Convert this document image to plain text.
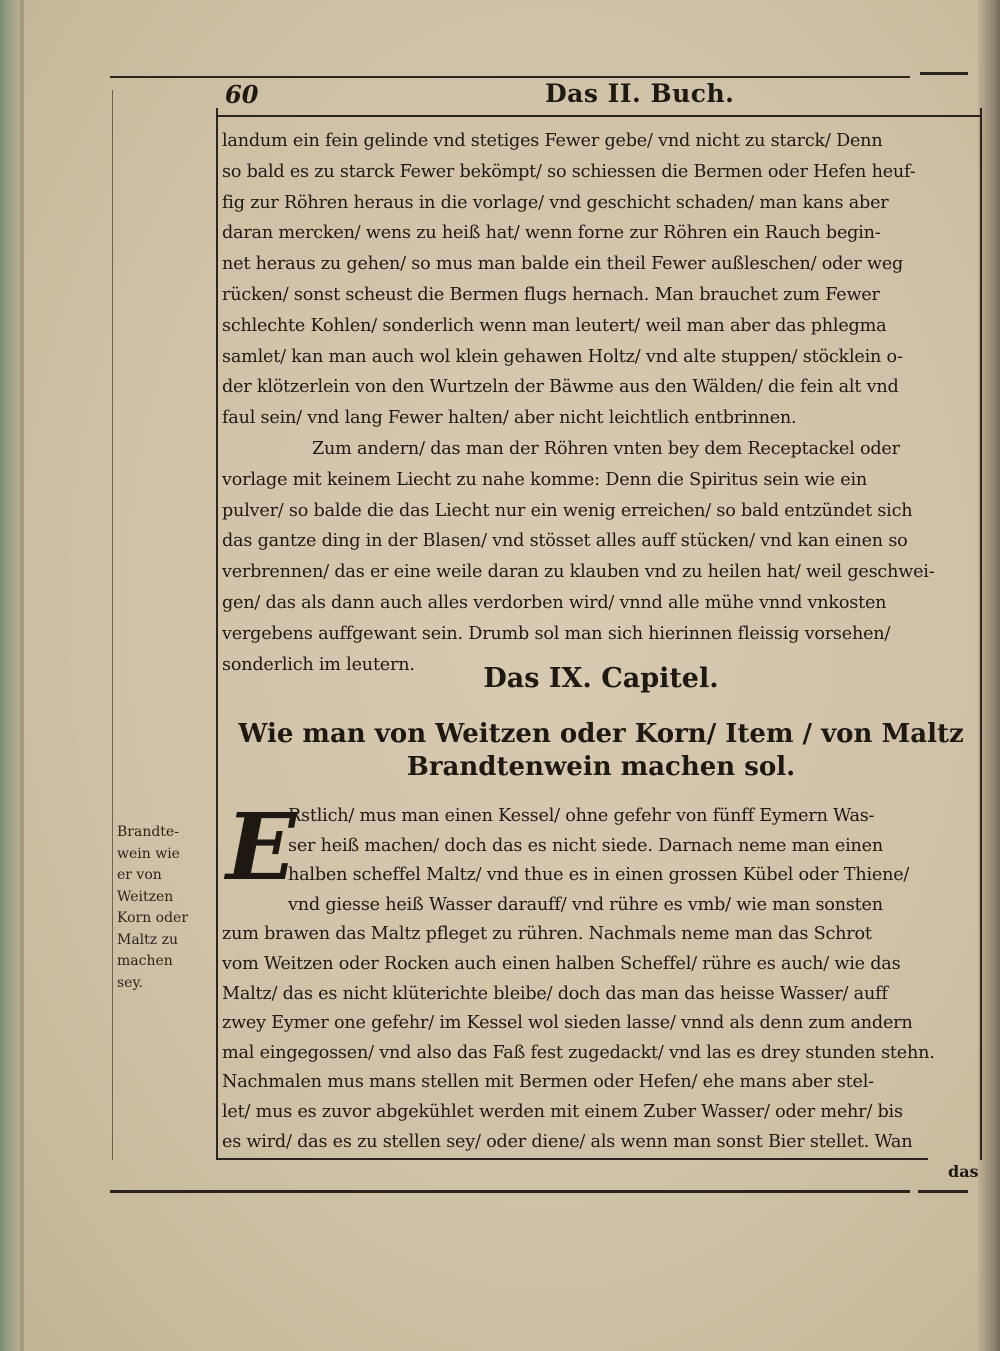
60	Das II. Buch.
landum ein fein gelinde vnd stetiges Fewer gebe/ vnd nicht zu starck/ Denn
so bald es zu starck Fewer bekömpt/ so schiessen die Bermen oder Hefen heuf-
fig zur Röhren heraus in die vorlage/ vnd geschicht schaden/ man kans aber
daran mercken/ wens zu heiß hat/ wenn forne zur Röhren ein Rauch begin-
net heraus zu gehen/ so mus man balde ein theil Fewer außleschen/ oder weg
rücken/ sonst scheust die Bermen flugs hernach. Man brauchet zum Fewer
schlechte Kohlen/ sonderlich wenn man leutert/ weil man aber das phlegma
samlet/ kan man auch wol klein gehawen Holtz/ vnd alte stuppen/ stöcklein o-
der klötzerlein von den Wurtzeln der Bäwme aus den Wälden/ die fein alt vnd
faul sein/ vnd lang Fewer halten/ aber nicht leichtlich entbrinnen.
Zum andern/ das man der Röhren vnten bey dem Receptackel oder
vorlage mit keinem Liecht zu nahe komme: Denn die Spiritus sein wie ein
pulver/ so balde die das Liecht nur ein wenig erreichen/ so bald entzündet sich
das gantze ding in der Blasen/ vnd stösset alles auff stücken/ vnd kan einen so
verbrennen/ das er eine weile daran zu klauben vnd zu heilen hat/ weil geschwei-
gen/ das als dann auch alles verdorben wird/ vnnd alle mühe vnnd vnkosten
vergebens auffgewant sein. Drumb sol man sich hierinnen fleissig vorsehen/
sonderlich im leutern.	Das IX. Capitel.
Wie man von Weitzen oder Korn/ Item / von Maltz
Brandtenwein machen sol.
E
Rstlich/ mus man einen Kessel/ ohne gefehr von fünff Eymern Was-
ser heiß machen/ doch das es nicht siede. Darnach neme man einen
halben scheffel Maltz/ vnd thue es in einen grossen Kübel oder Thiene/
vnd giesse heiß Wasser darauff/ vnd rühre es vmb/ wie man sonsten
zum brawen das Maltz pfleget zu rühren. Nachmals neme man das Schrot
vom Weitzen oder Rocken auch einen halben Scheffel/ rühre es auch/ wie das
Maltz/ das es nicht klüterichte bleibe/ doch das man das heisse Wasser/ auff
zwey Eymer one gefehr/ im Kessel wol sieden lasse/ vnnd als denn zum andern
mal eingegossen/ vnd also das Faß fest zugedackt/ vnd las es drey stunden stehn.
Nachmalen mus mans stellen mit Bermen oder Hefen/ ehe mans aber stel-
let/ mus es zuvor abgekühlet werden mit einem Zuber Wasser/ oder mehr/ bis
es wird/ das es zu stellen sey/ oder diene/ als wenn man sonst Bier stellet. Wan
Brandte-
wein wie
er von
Weitzen
Korn oder
Maltz zu
machen
sey.
das
